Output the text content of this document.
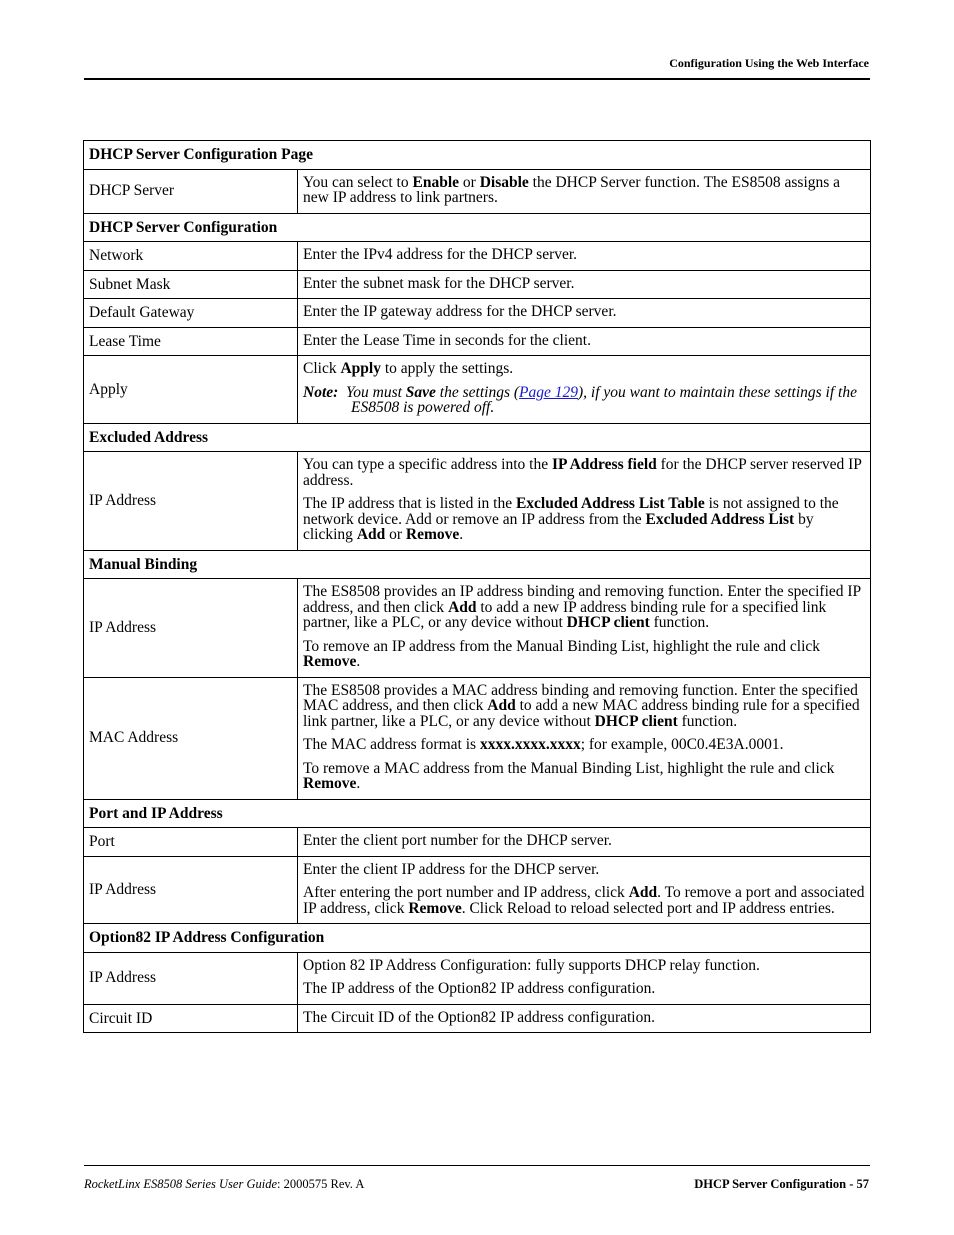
Configuration Using the Web Interface
DHCP Server Configuration Page	
DHCP Server	You can select to Enable or Disable the DHCP Server function. The ES8508 assigns a new IP address to link partners.

DHCP Server Configuration	
Network	Enter the IPv4 address for the DHCP server.

Subnet Mask	Enter the subnet mask for the DHCP server.

Default Gateway	Enter the IP gateway address for the DHCP server.

Lease Time	Enter the Lease Time in seconds for the client.

Apply	Click Apply to apply the settings.

Note: You must Save the settings (Page 129), if you want to maintain these settings if the ES8508 is powered off.

Excluded Address	
IP Address	You can type a specific address into the IP Address field for the DHCP server reserved IP address.

The IP address that is listed in the Excluded Address List Table is not assigned to the network device. Add or remove an IP address from the Excluded Address List by clicking Add or Remove.

Manual Binding	
IP Address	The ES8508 provides an IP address binding and removing function. Enter the specified IP address, and then click Add to add a new IP address binding rule for a specified link partner, like a PLC, or any device without DHCP client function.

To remove an IP address from the Manual Binding List, highlight the rule and click Remove.

MAC Address	The ES8508 provides a MAC address binding and removing function. Enter the specified MAC address, and then click Add to add a new MAC address binding rule for a specified link partner, like a PLC, or any device without DHCP client function.

The MAC address format is xxxx.xxxx.xxxx; for example, 00C0.4E3A.0001.

To remove a MAC address from the Manual Binding List, highlight the rule and click Remove.

Port and IP Address	
Port	Enter the client port number for the DHCP server.

IP Address	Enter the client IP address for the DHCP server.

After entering the port number and IP address, click Add. To remove a port and associated IP address, click Remove. Click Reload to reload selected port and IP address entries.

Option82 IP Address Configuration	
IP Address	Option 82 IP Address Configuration: fully supports DHCP relay function.

The IP address of the Option82 IP address configuration.

Circuit ID	The Circuit ID of the Option82 IP address configuration.

RocketLinx ES8508 Series User Guide: 2000575 Rev. A	DHCP Server Configuration - 57
